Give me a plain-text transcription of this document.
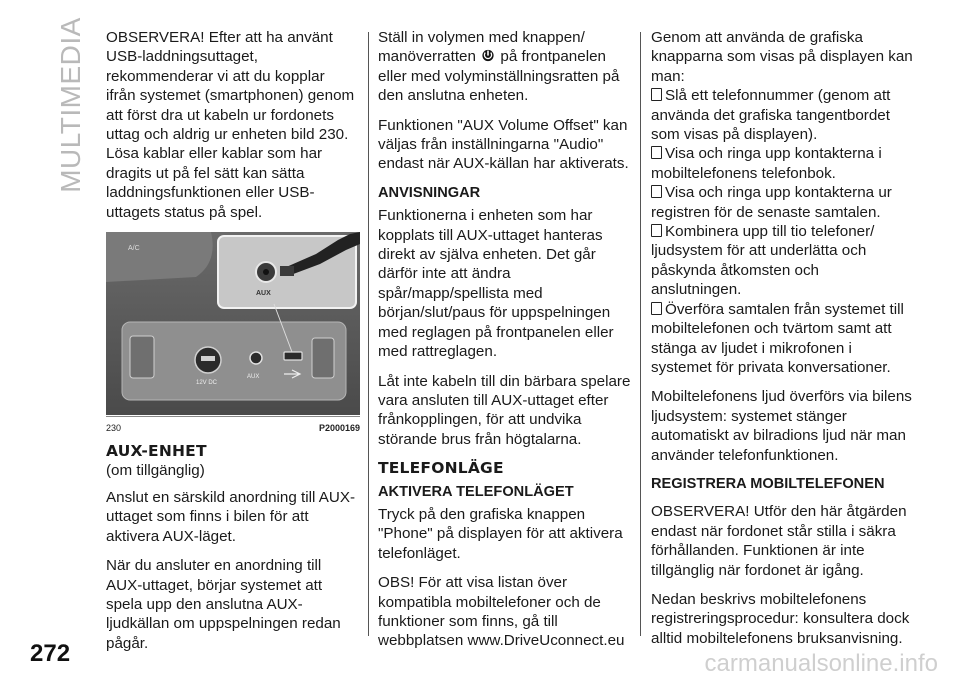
MULTIMEDIA OBSERVERA! Efter att ha använt USB-laddningsuttaget, rekommenderar vi att du kopplar ifrån systemet (smartphonen) genom att först dra ut kabeln ur fordonets uttag och aldrig ur enheten bild 230. Lösa kablar eller kablar som har dragits ut på fel sätt kan sätta laddningsfunktionen eller USB-uttagets status på spel.

A/C
AUX
12V DC
AUX
230	P2000169
AUX-ENHET

(om tillgänglig)

Anslut en särskild anordning till AUX-uttaget som finns i bilen för att aktivera AUX-läget.

När du ansluter en anordning till AUX-uttaget, börjar systemet att spela upp den anslutna AUX-ljudkällan om uppspelningen redan pågår.

Ställ in volymen med knappen/ manöverratten på frontpanelen eller med volyminställningsratten på den anslutna enheten.

Funktionen "AUX Volume Offset" kan väljas från inställningarna "Audio" endast när AUX-källan har aktiverats.

ANVISNINGAR

Funktionerna i enheten som har kopplats till AUX-uttaget hanteras direkt av själva enheten. Det går därför inte att ändra spår/mapp/spellista med början/slut/paus för uppspelningen med reglagen på frontpanelen eller med rattreglagen.

Låt inte kabeln till din bärbara spelare vara ansluten till AUX-uttaget efter frånkopplingen, för att undvika störande brus från högtalarna.

TELEFONLÄGE
AKTIVERA TELEFONLÄGET

Tryck på den grafiska knappen "Phone" på displayen för att aktivera telefonläget.

OBS! För att visa listan över kompatibla mobiltelefoner och de funktioner som finns, gå till webbplatsen www.DriveUconnect.eu

Genom att använda de grafiska knapparna som visas på displayen kan man:

Slå ett telefonnummer (genom att använda det grafiska tangentbordet som visas på displayen).

Visa och ringa upp kontakterna i mobiltelefonens telefonbok.

Visa och ringa upp kontakterna ur registren för de senaste samtalen.

Kombinera upp till tio telefoner/ ljudsystem för att underlätta och påskynda åtkomsten och anslutningen.

Överföra samtalen från systemet till mobiltelefonen och tvärtom samt att stänga av ljudet i mikrofonen i systemet för privata konversationer.

Mobiltelefonens ljud överförs via bilens ljudsystem: systemet stänger automatiskt av bilradions ljud när man använder telefonfunktionen.

REGISTRERA MOBILTELEFONEN

OBSERVERA! Utför den här åtgärden endast när fordonet står stilla i säkra förhållanden. Funktionen är inte tillgänglig när fordonet är igång.

Nedan beskrivs mobiltelefonens registreringsprocedur: konsultera dock alltid mobiltelefonens bruksanvisning.

272	carmanualsonline.info
